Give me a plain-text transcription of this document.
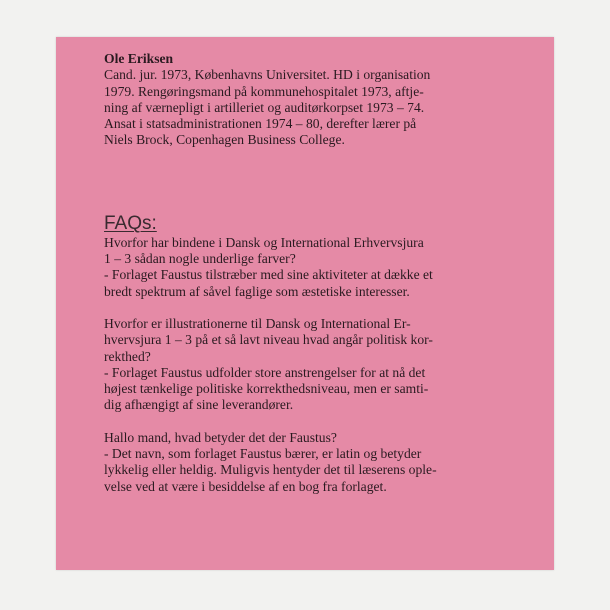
Ole Eriksen

Cand. jur. 1973, Københavns Universitet. HD i organisation

1979. Rengøringsmand på kommunehospitalet 1973, aftje-

ning af værnepligt i artilleriet og auditørkorpset 1973 – 74.

Ansat i statsadministrationen 1974 – 80, derefter lærer på

Niels Brock, Copenhagen Business College.

FAQs:

Hvorfor har bindene i Dansk og International Erhvervsjura

1 – 3 sådan nogle underlige farver?

- Forlaget Faustus tilstræber med sine aktiviteter at dække et

bredt spektrum af såvel faglige som æstetiske interesser.

Hvorfor er illustrationerne til Dansk og International Er-

hvervsjura 1 – 3 på et så lavt niveau hvad angår politisk kor-

rekthed?

- Forlaget Faustus udfolder store anstrengelser for at nå det

højest tænkelige politiske korrekthedsniveau, men er samti-

dig afhængigt af sine leverandører.

Hallo mand, hvad betyder det der Faustus?

- Det navn, som forlaget Faustus bærer, er latin og betyder

lykkelig eller heldig. Muligvis hentyder det til læserens ople-

velse ved at være i besiddelse af en bog fra forlaget.
